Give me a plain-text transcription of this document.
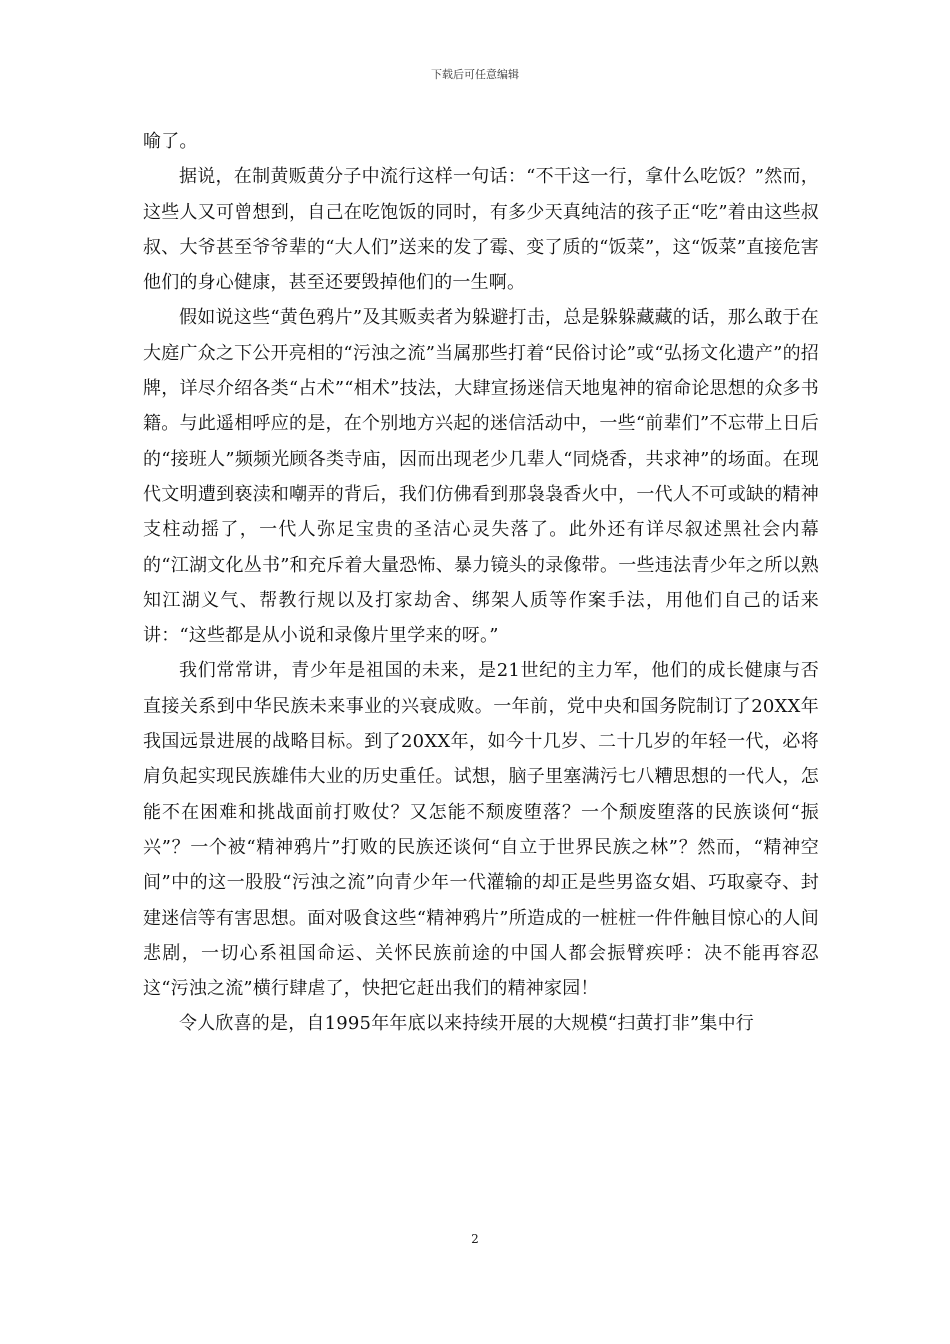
下载后可任意编辑

喻了。

据说，在制黄贩黄分子中流行这样一句话：“不干这一行，拿什么吃饭？”然而，这些人又可曾想到，自己在吃饱饭的同时，有多少天真纯洁的孩子正“吃”着由这些叔叔、大爷甚至爷爷辈的“大人们”送来的发了霉、变了质的“饭菜”，这“饭菜”直接危害他们的身心健康，甚至还要毁掉他们的一生啊。

假如说这些“黄色鸦片”及其贩卖者为躲避打击，总是躲躲藏藏的话，那么敢于在大庭广众之下公开亮相的“污浊之流”当属那些打着“民俗讨论”或“弘扬文化遗产”的招牌，详尽介绍各类“占术”“相术”技法，大肆宣扬迷信天地鬼神的宿命论思想的众多书籍。与此遥相呼应的是，在个别地方兴起的迷信活动中，一些“前辈们”不忘带上日后的“接班人”频频光顾各类寺庙，因而出现老少几辈人“同烧香，共求神”的场面。在现代文明遭到亵渎和嘲弄的背后，我们仿佛看到那袅袅香火中，一代人不可或缺的精神支柱动摇了，一代人弥足宝贵的圣洁心灵失落了。此外还有详尽叙述黑社会内幕的“江湖文化丛书”和充斥着大量恐怖、暴力镜头的录像带。一些违法青少年之所以熟知江湖义气、帮教行规以及打家劫舍、绑架人质等作案手法，用他们自己的话来讲：“这些都是从小说和录像片里学来的呀。”

我们常常讲，青少年是祖国的未来，是21世纪的主力军，他们的成长健康与否直接关系到中华民族未来事业的兴衰成败。一年前，党中央和国务院制订了20XX年我国远景进展的战略目标。到了20XX年，如今十几岁、二十几岁的年轻一代，必将肩负起实现民族雄伟大业的历史重任。试想，脑子里塞满污七八糟思想的一代人，怎能不在困难和挑战面前打败仗？又怎能不颓废堕落？一个颓废堕落的民族谈何“振兴”？一个被“精神鸦片”打败的民族还谈何“自立于世界民族之林”？然而，“精神空间”中的这一股股“污浊之流”向青少年一代灌输的却正是些男盗女娼、巧取豪夺、封建迷信等有害思想。面对吸食这些“精神鸦片”所造成的一桩桩一件件触目惊心的人间悲剧，一切心系祖国命运、关怀民族前途的中国人都会振臂疾呼：决不能再容忍这“污浊之流”横行肆虐了，快把它赶出我们的精神家园！

令人欣喜的是，自1995年年底以来持续开展的大规模“扫黄打非”集中行

2
